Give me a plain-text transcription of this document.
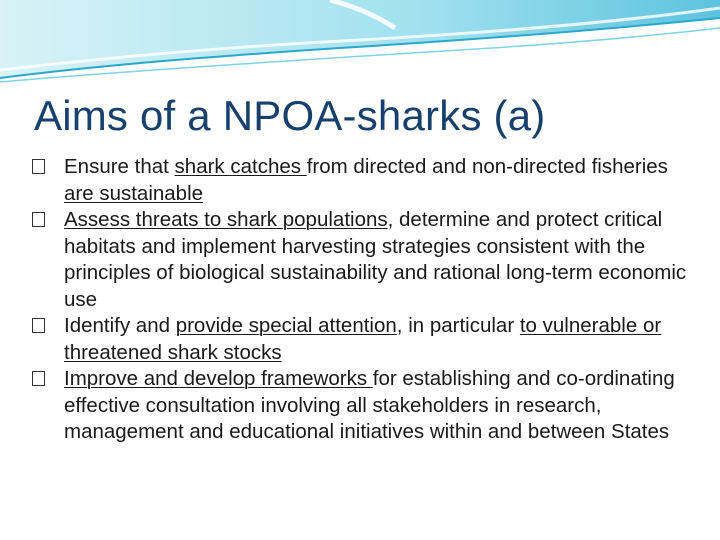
Aims of a NPOA-sharks (a)
Ensure that shark catches from directed and non-directed fisheries are sustainable
Assess threats to shark populations, determine and protect critical habitats and implement harvesting strategies consistent with the principles of biological sustainability and rational long-term economic use
Identify and provide special attention, in particular to vulnerable or threatened shark stocks
Improve and develop frameworks for establishing and co-ordinating effective consultation involving all stakeholders in research, management and educational initiatives within and between States
